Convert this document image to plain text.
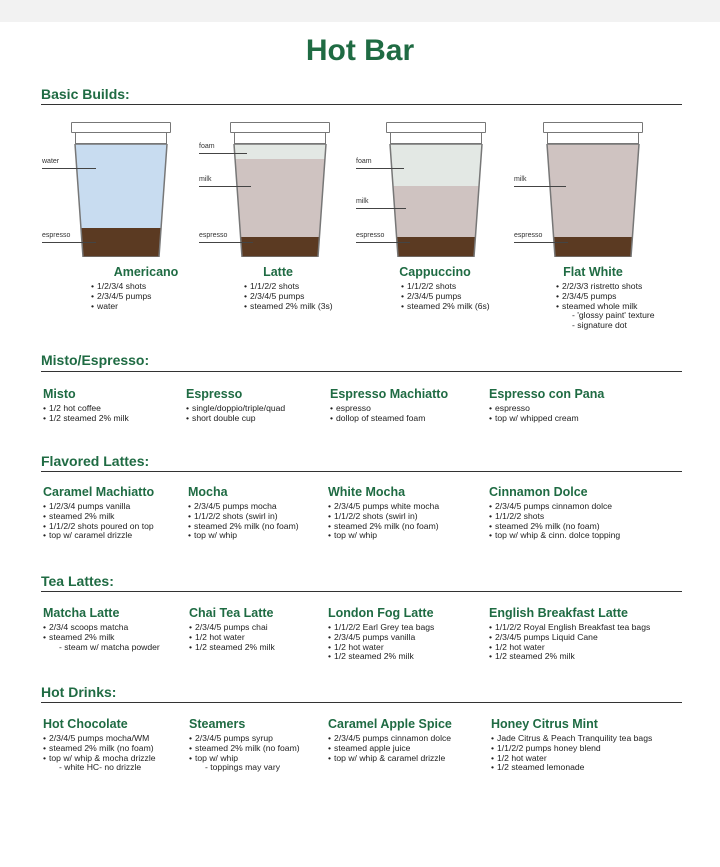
Hot Bar
Basic Builds:
Misto/Espresso:
Flavored Lattes:
Tea Lattes:
Hot Drinks:
water
espresso
foam
milk
espresso
foam
milk
espresso
milk
espresso
Americano
• 1/2/3/4 shots
• 2/3/4/5 pumps
• water
Latte
• 1/1/2/2 shots
• 2/3/4/5 pumps
• steamed 2% milk (3s)
Cappuccino
• 1/1/2/2 shots
• 2/3/4/5 pumps
• steamed 2% milk (6s)
Flat White
• 2/2/3/3 ristretto shots
• 2/3/4/5 pumps
• steamed whole milk
- 'glossy paint' texture
- signature dot
Misto
• 1/2 hot coffee
• 1/2 steamed 2% milk
Espresso
• single/doppio/triple/quad
• short double cup
Espresso Machiatto
• espresso
• dollop of steamed foam
Espresso con Pana
• espresso
• top w/ whipped cream
Caramel Machiatto
• 1/2/3/4 pumps vanilla
• steamed 2% milk
• 1/1/2/2 shots poured on top
• top w/ caramel drizzle
Mocha
• 2/3/4/5 pumps mocha
• 1/1/2/2 shots (swirl in)
• steamed 2% milk (no foam)
• top w/ whip
White Mocha
• 2/3/4/5 pumps white mocha
• 1/1/2/2 shots (swirl in)
• steamed 2% milk (no foam)
• top w/ whip
Cinnamon Dolce
• 2/3/4/5 pumps cinnamon dolce
• 1/1/2/2 shots
• steamed 2% milk (no foam)
• top w/ whip & cinn. dolce topping
Matcha Latte
• 2/3/4 scoops matcha
• steamed 2% milk
- steam w/ matcha powder
Chai Tea Latte
• 2/3/4/5 pumps chai
• 1/2 hot water
• 1/2 steamed 2% milk
London Fog Latte
• 1/1/2/2 Earl Grey tea bags
• 2/3/4/5 pumps vanilla
• 1/2 hot water
• 1/2 steamed 2% milk
English Breakfast Latte
• 1/1/2/2 Royal English Breakfast tea bags
• 2/3/4/5 pumps Liquid Cane
• 1/2 hot water
• 1/2 steamed 2% milk
Hot Chocolate
• 2/3/4/5 pumps mocha/WM
• steamed 2% milk (no foam)
• top w/ whip & mocha drizzle
- white HC- no drizzle
Steamers
• 2/3/4/5 pumps syrup
• steamed 2% milk (no foam)
• top w/ whip
- toppings may vary
Caramel Apple Spice
• 2/3/4/5 pumps cinnamon dolce
• steamed apple juice
• top w/ whip & caramel drizzle
Honey Citrus Mint
• Jade Citrus & Peach Tranquility tea bags
• 1/1/2/2 pumps honey blend
• 1/2 hot water
• 1/2 steamed lemonade
